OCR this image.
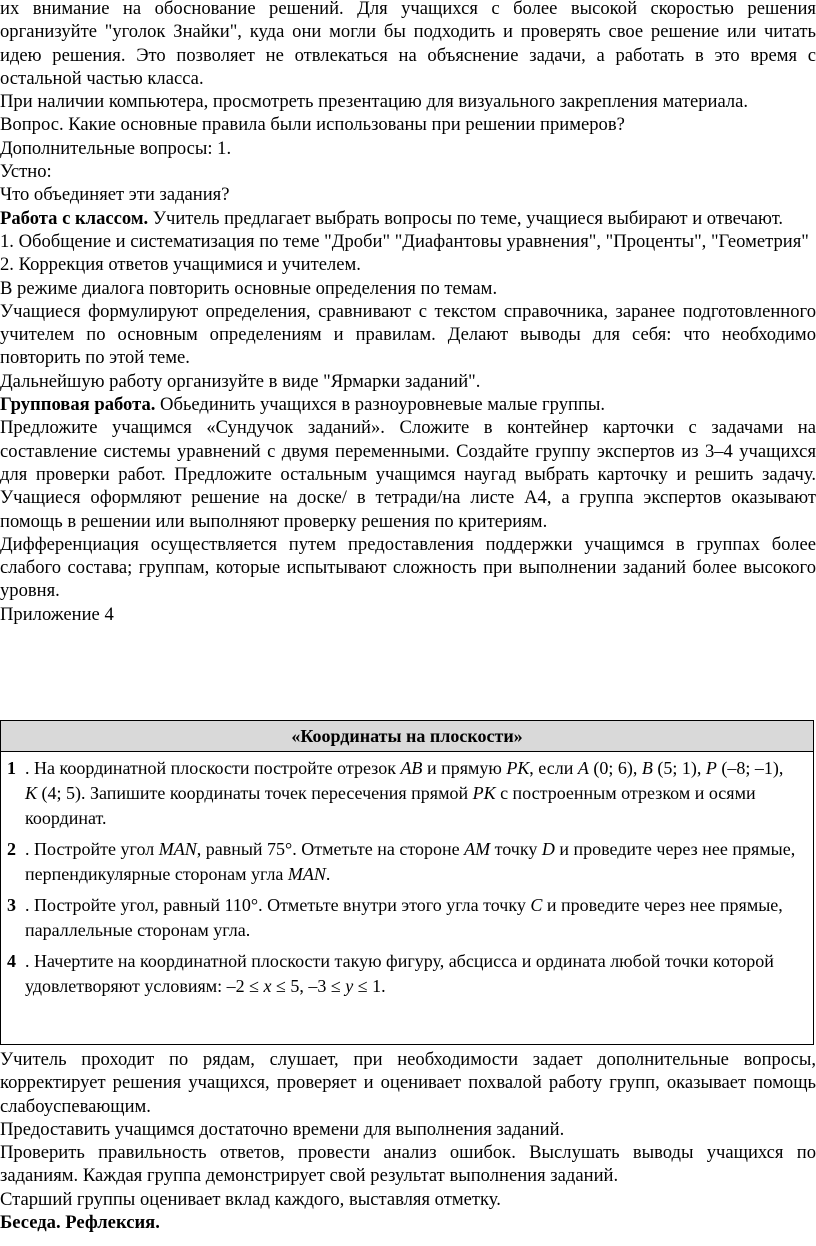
их внимание на обоснование решений. Для учащихся с более высокой скоростью решения организуйте "уголок Знайки", куда они могли бы подходить и проверять свое решение или читать идею решения. Это позволяет не отвлекаться на объяснение задачи, а работать в это время с остальной частью класса.

При наличии компьютера, просмотреть презентацию для визуального закрепления материала.

Вопрос. Какие основные правила были использованы при решении примеров?

Дополнительные вопросы: 1.

Устно:

Что объединяет эти задания?

Работа с классом. Учитель предлагает выбрать вопросы по теме, учащиеся выбирают и отвечают.

1. Обобщение и систематизация по теме "Дроби" "Диафантовы уравнения", "Проценты", "Геометрия"

2. Коррекция ответов учащимися и учителем.

В режиме диалога повторить основные определения по темам.

Учащиеся формулируют определения, сравнивают с текстом справочника, заранее подготовленного учителем по основным определениям и правилам. Делают выводы для себя: что необходимо повторить по этой теме.

Дальнейшую работу организуйте в виде "Ярмарки заданий".

Групповая работа. Обьединить учащихся в разноуровневые малые группы.

Предложите учащимся «Сундучок заданий». Сложите в контейнер карточки с задачами на составление системы уравнений с двумя переменными. Создайте группу экспертов из 3–4 учащихся для проверки работ. Предложите остальным учащимся наугад выбрать карточку и решить задачу. Учащиеся оформляют решение на доске/ в тетради/на листе А4, а группа экспертов оказывают помощь в решении или выполняют проверку решения по критериям.

Дифференциация осуществляется путем предоставления поддержки учащимся в группах более слабого состава; группам, которые испытывают сложность при выполнении заданий более высокого уровня.

Приложение 4

«Координаты на плоскости»
1 . На координатной плоскости постройте отрезок АВ и прямую РК, если А (0; 6), В (5; 1), Р (–8; –1), К (4; 5). Запишите координаты точек пересечения прямой РК с построенным отрезком и осями координат.
2 . Постройте угол МАN, равный 75°. Отметьте на стороне АМ точку D и проведите через нее прямые, перпендикулярные сторонам угла МАN.
3 . Постройте угол, равный 110°. Отметьте внутри этого угла точку С и проведите через нее прямые, параллельные сторонам угла.
4 . Начертите на координатной плоскости такую фигуру, абсцисса и ордината любой точки которой удовлетворяют условиям: –2 ≤ х ≤ 5, –3 ≤ у ≤ 1.

Учитель проходит по рядам, слушает, при необходимости задает дополнительные вопросы, корректирует решения учащихся, проверяет и оценивает похвалой работу групп, оказывает помощь слабоуспевающим.

Предоставить учащимся достаточно времени для выполнения заданий.

Проверить правильность ответов, провести анализ ошибок. Выслушать выводы учащихся по заданиям. Каждая группа демонстрирует свой результат выполнения заданий.

Старший группы оценивает вклад каждого, выставляя отметку.

Беседа. Рефлексия.
